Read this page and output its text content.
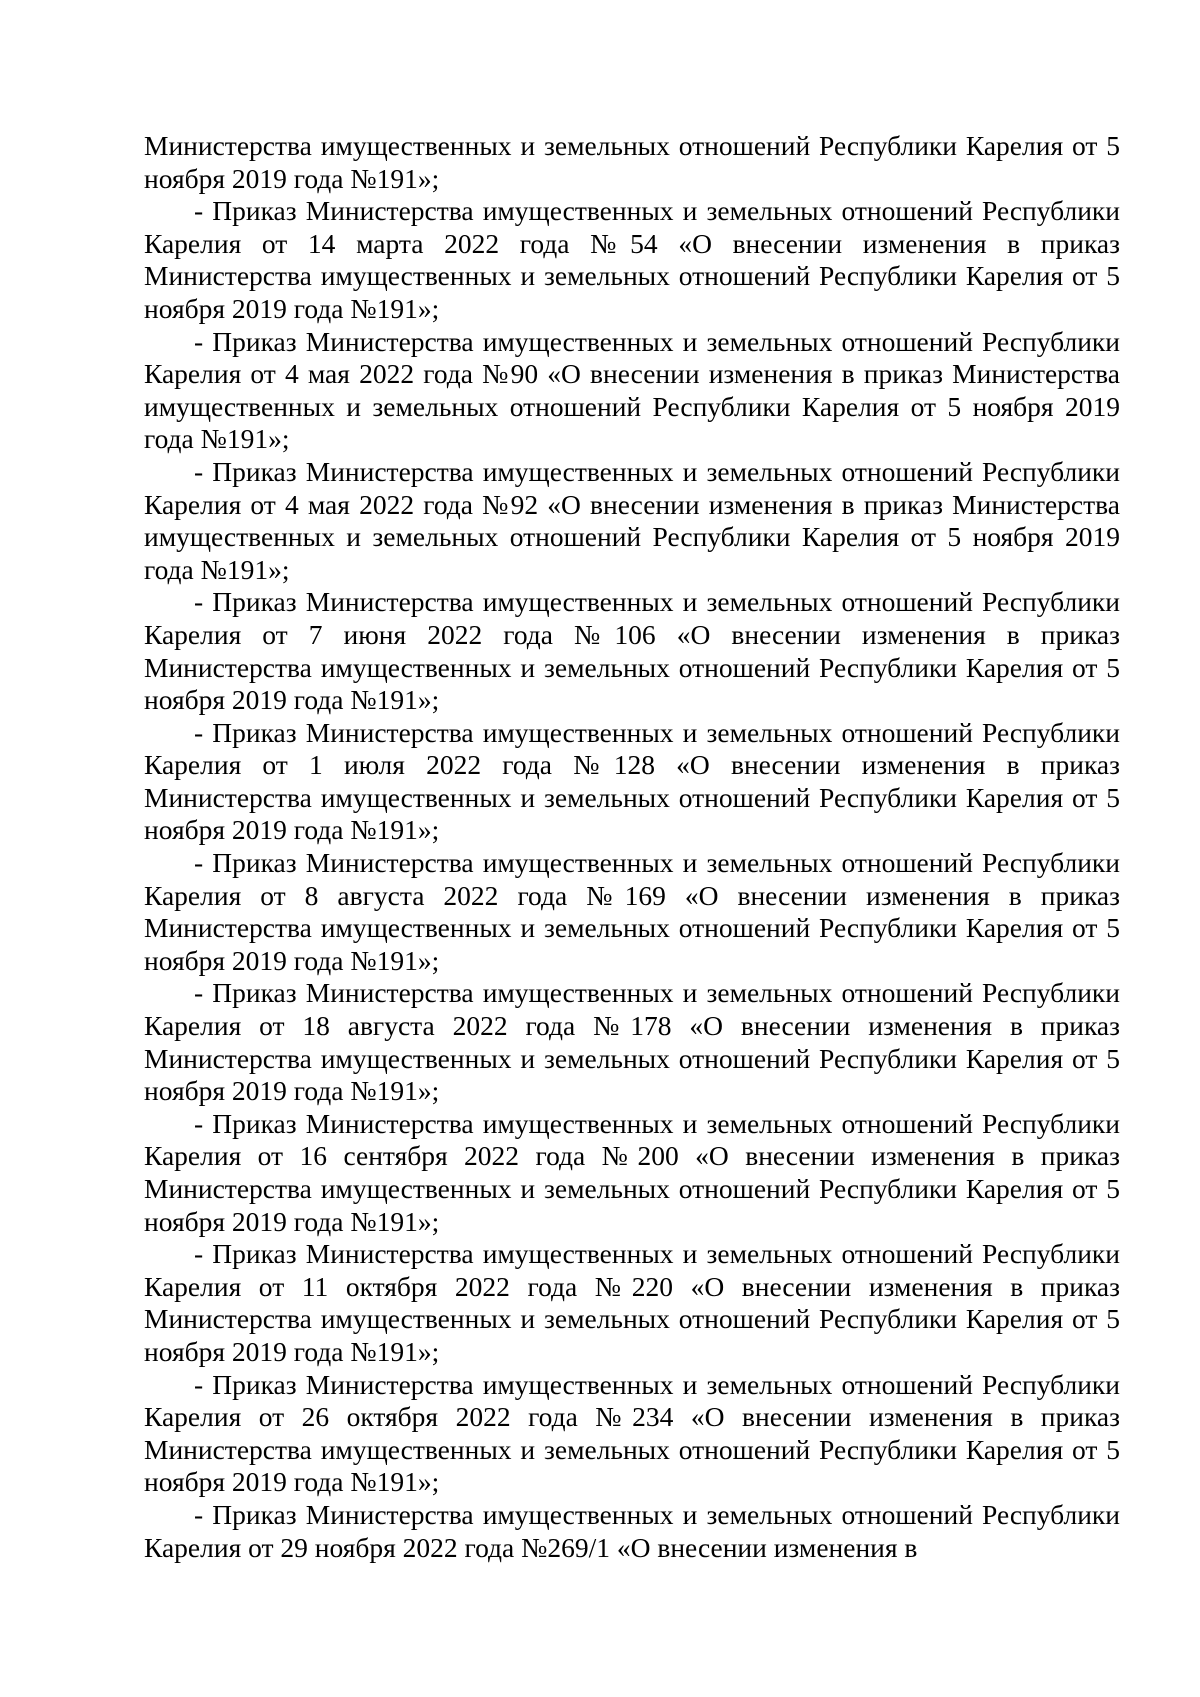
Министерства имущественных и земельных отношений Республики Карелия от 5 ноября 2019 года №191»;

- Приказ Министерства имущественных и земельных отношений Республики Карелия от 14 марта 2022 года №54 «О внесении изменения в приказ Министерства имущественных и земельных отношений Республики Карелия от 5 ноября 2019 года №191»;

- Приказ Министерства имущественных и земельных отношений Республики Карелия от 4 мая 2022 года №90 «О внесении изменения в приказ Министерства имущественных и земельных отношений Республики Карелия от 5 ноября 2019 года №191»;

- Приказ Министерства имущественных и земельных отношений Республики Карелия от 4 мая 2022 года №92 «О внесении изменения в приказ Министерства имущественных и земельных отношений Республики Карелия от 5 ноября 2019 года №191»;

- Приказ Министерства имущественных и земельных отношений Республики Карелия от 7 июня 2022 года №106 «О внесении изменения в приказ Министерства имущественных и земельных отношений Республики Карелия от 5 ноября 2019 года №191»;

- Приказ Министерства имущественных и земельных отношений Республики Карелия от 1 июля 2022 года №128 «О внесении изменения в приказ Министерства имущественных и земельных отношений Республики Карелия от 5 ноября 2019 года №191»;

- Приказ Министерства имущественных и земельных отношений Республики Карелия от 8 августа 2022 года №169 «О внесении изменения в приказ Министерства имущественных и земельных отношений Республики Карелия от 5 ноября 2019 года №191»;

- Приказ Министерства имущественных и земельных отношений Республики Карелия от 18 августа 2022 года №178 «О внесении изменения в приказ Министерства имущественных и земельных отношений Республики Карелия от 5 ноября 2019 года №191»;

- Приказ Министерства имущественных и земельных отношений Республики Карелия от 16 сентября 2022 года №200 «О внесении изменения в приказ Министерства имущественных и земельных отношений Республики Карелия от 5 ноября 2019 года №191»;

- Приказ Министерства имущественных и земельных отношений Республики Карелия от 11 октября 2022 года №220 «О внесении изменения в приказ Министерства имущественных и земельных отношений Республики Карелия от 5 ноября 2019 года №191»;

- Приказ Министерства имущественных и земельных отношений Республики Карелия от 26 октября 2022 года №234 «О внесении изменения в приказ Министерства имущественных и земельных отношений Республики Карелия от 5 ноября 2019 года №191»;

- Приказ Министерства имущественных и земельных отношений Республики Карелия от 29 ноября 2022 года №269/1 «О внесении изменения в
